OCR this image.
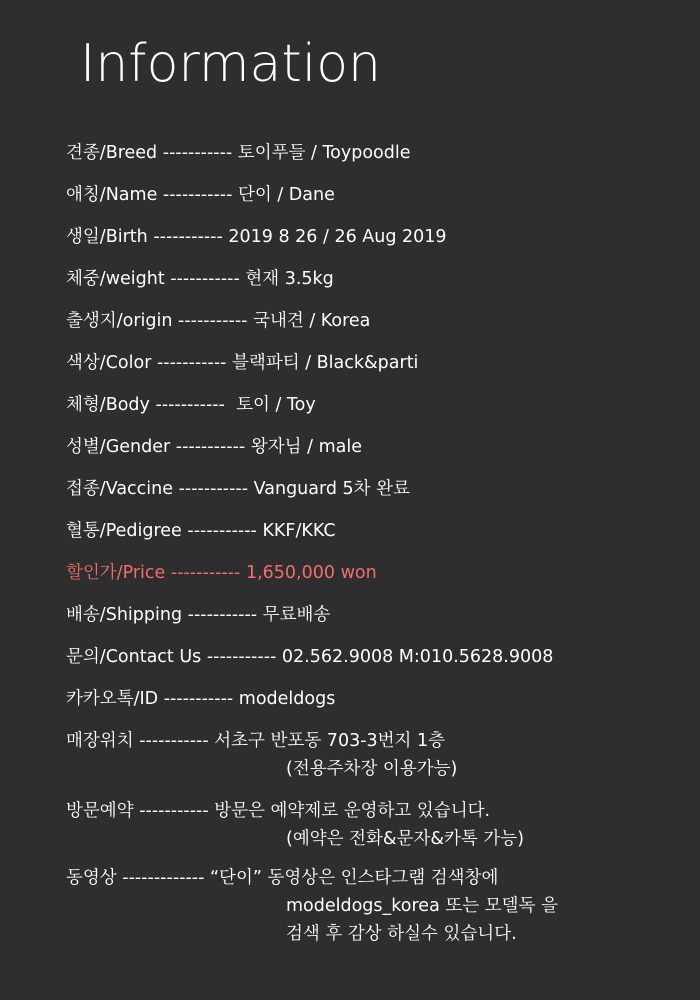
Information
견종/Breed ----------- 토이푸들 / Toypoodle
애칭/Name ----------- 단이 / Dane
생일/Birth ----------- 2019 8 26 / 26 Aug 2019
체중/weight ----------- 현재 3.5kg
출생지/origin ----------- 국내견 / Korea
색상/Color ----------- 블랙파티 / Black&parti
체형/Body ----------- 토이 / Toy
성별/Gender ----------- 왕자님 / male
접종/Vaccine ----------- Vanguard 5차 완료
혈통/Pedigree ----------- KKF/KKC
할인가/Price ----------- 1,650,000 won
배송/Shipping ----------- 무료배송
문의/Contact Us ----------- 02.562.9008 M:010.5628.9008
카카오톡/ID ----------- modeldogs
매장위치 ----------- 서초구 반포동 703-3번지 1층
(전용주차장 이용가능)
방문예약 ----------- 방문은 예약제로 운영하고 있습니다.
(예약은 전화&문자&카톡 가능)
동영상 ------------- “단이” 동영상은 인스타그램 검색창에
modeldogs_korea 또는 모델독 을
검색 후 감상 하실수 있습니다.
